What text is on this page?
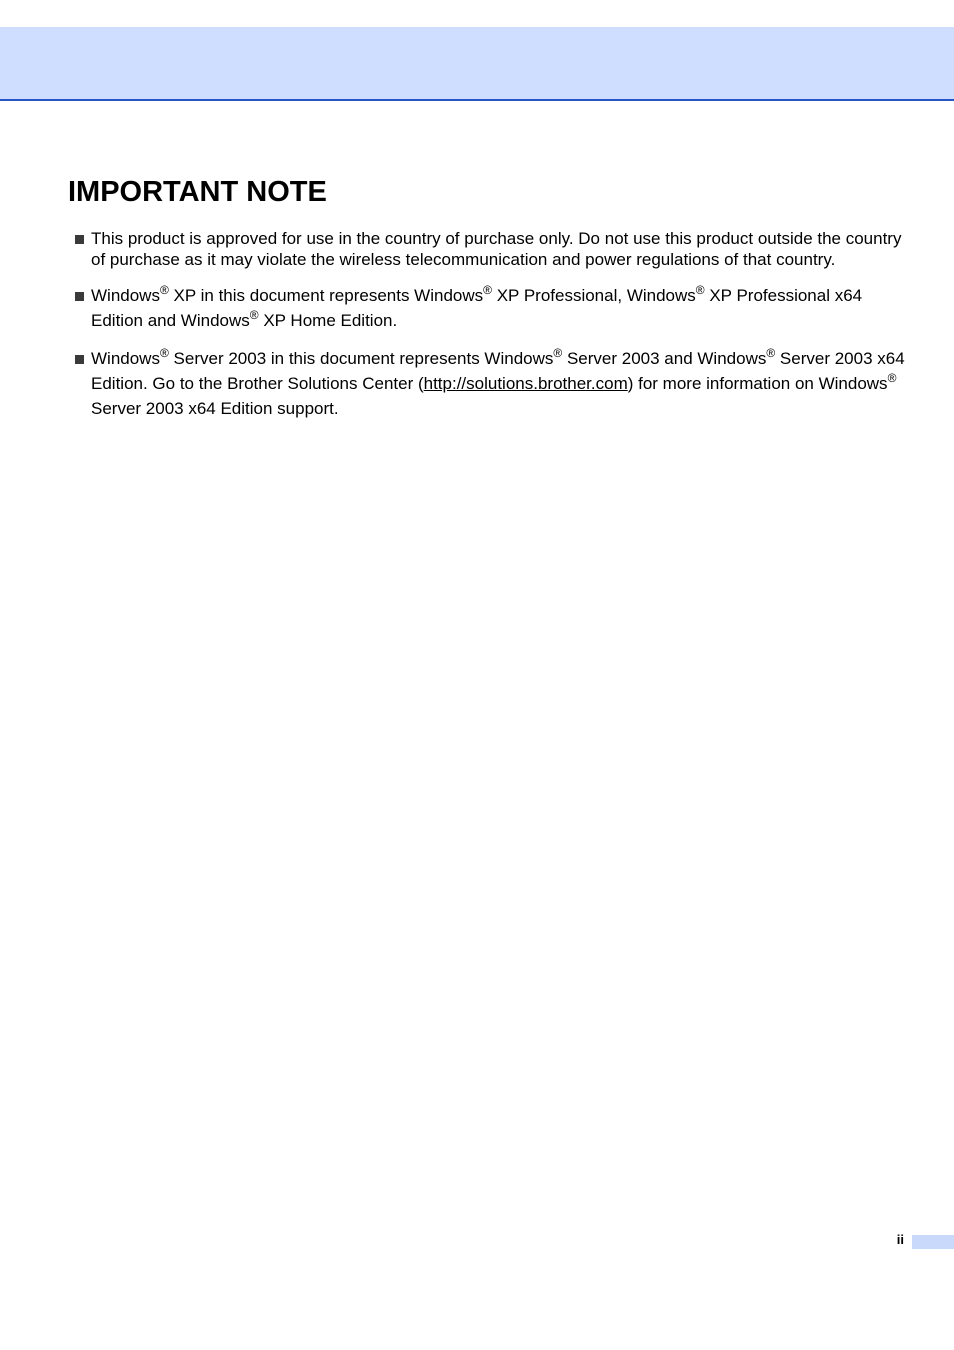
IMPORTANT NOTE
This product is approved for use in the country of purchase only. Do not use this product outside the country of purchase as it may violate the wireless telecommunication and power regulations of that country.
Windows® XP in this document represents Windows® XP Professional, Windows® XP Professional x64 Edition and Windows® XP Home Edition.
Windows® Server 2003 in this document represents Windows® Server 2003 and Windows® Server 2003 x64 Edition. Go to the Brother Solutions Center (http://solutions.brother.com) for more information on Windows® Server 2003 x64 Edition support.
ii
